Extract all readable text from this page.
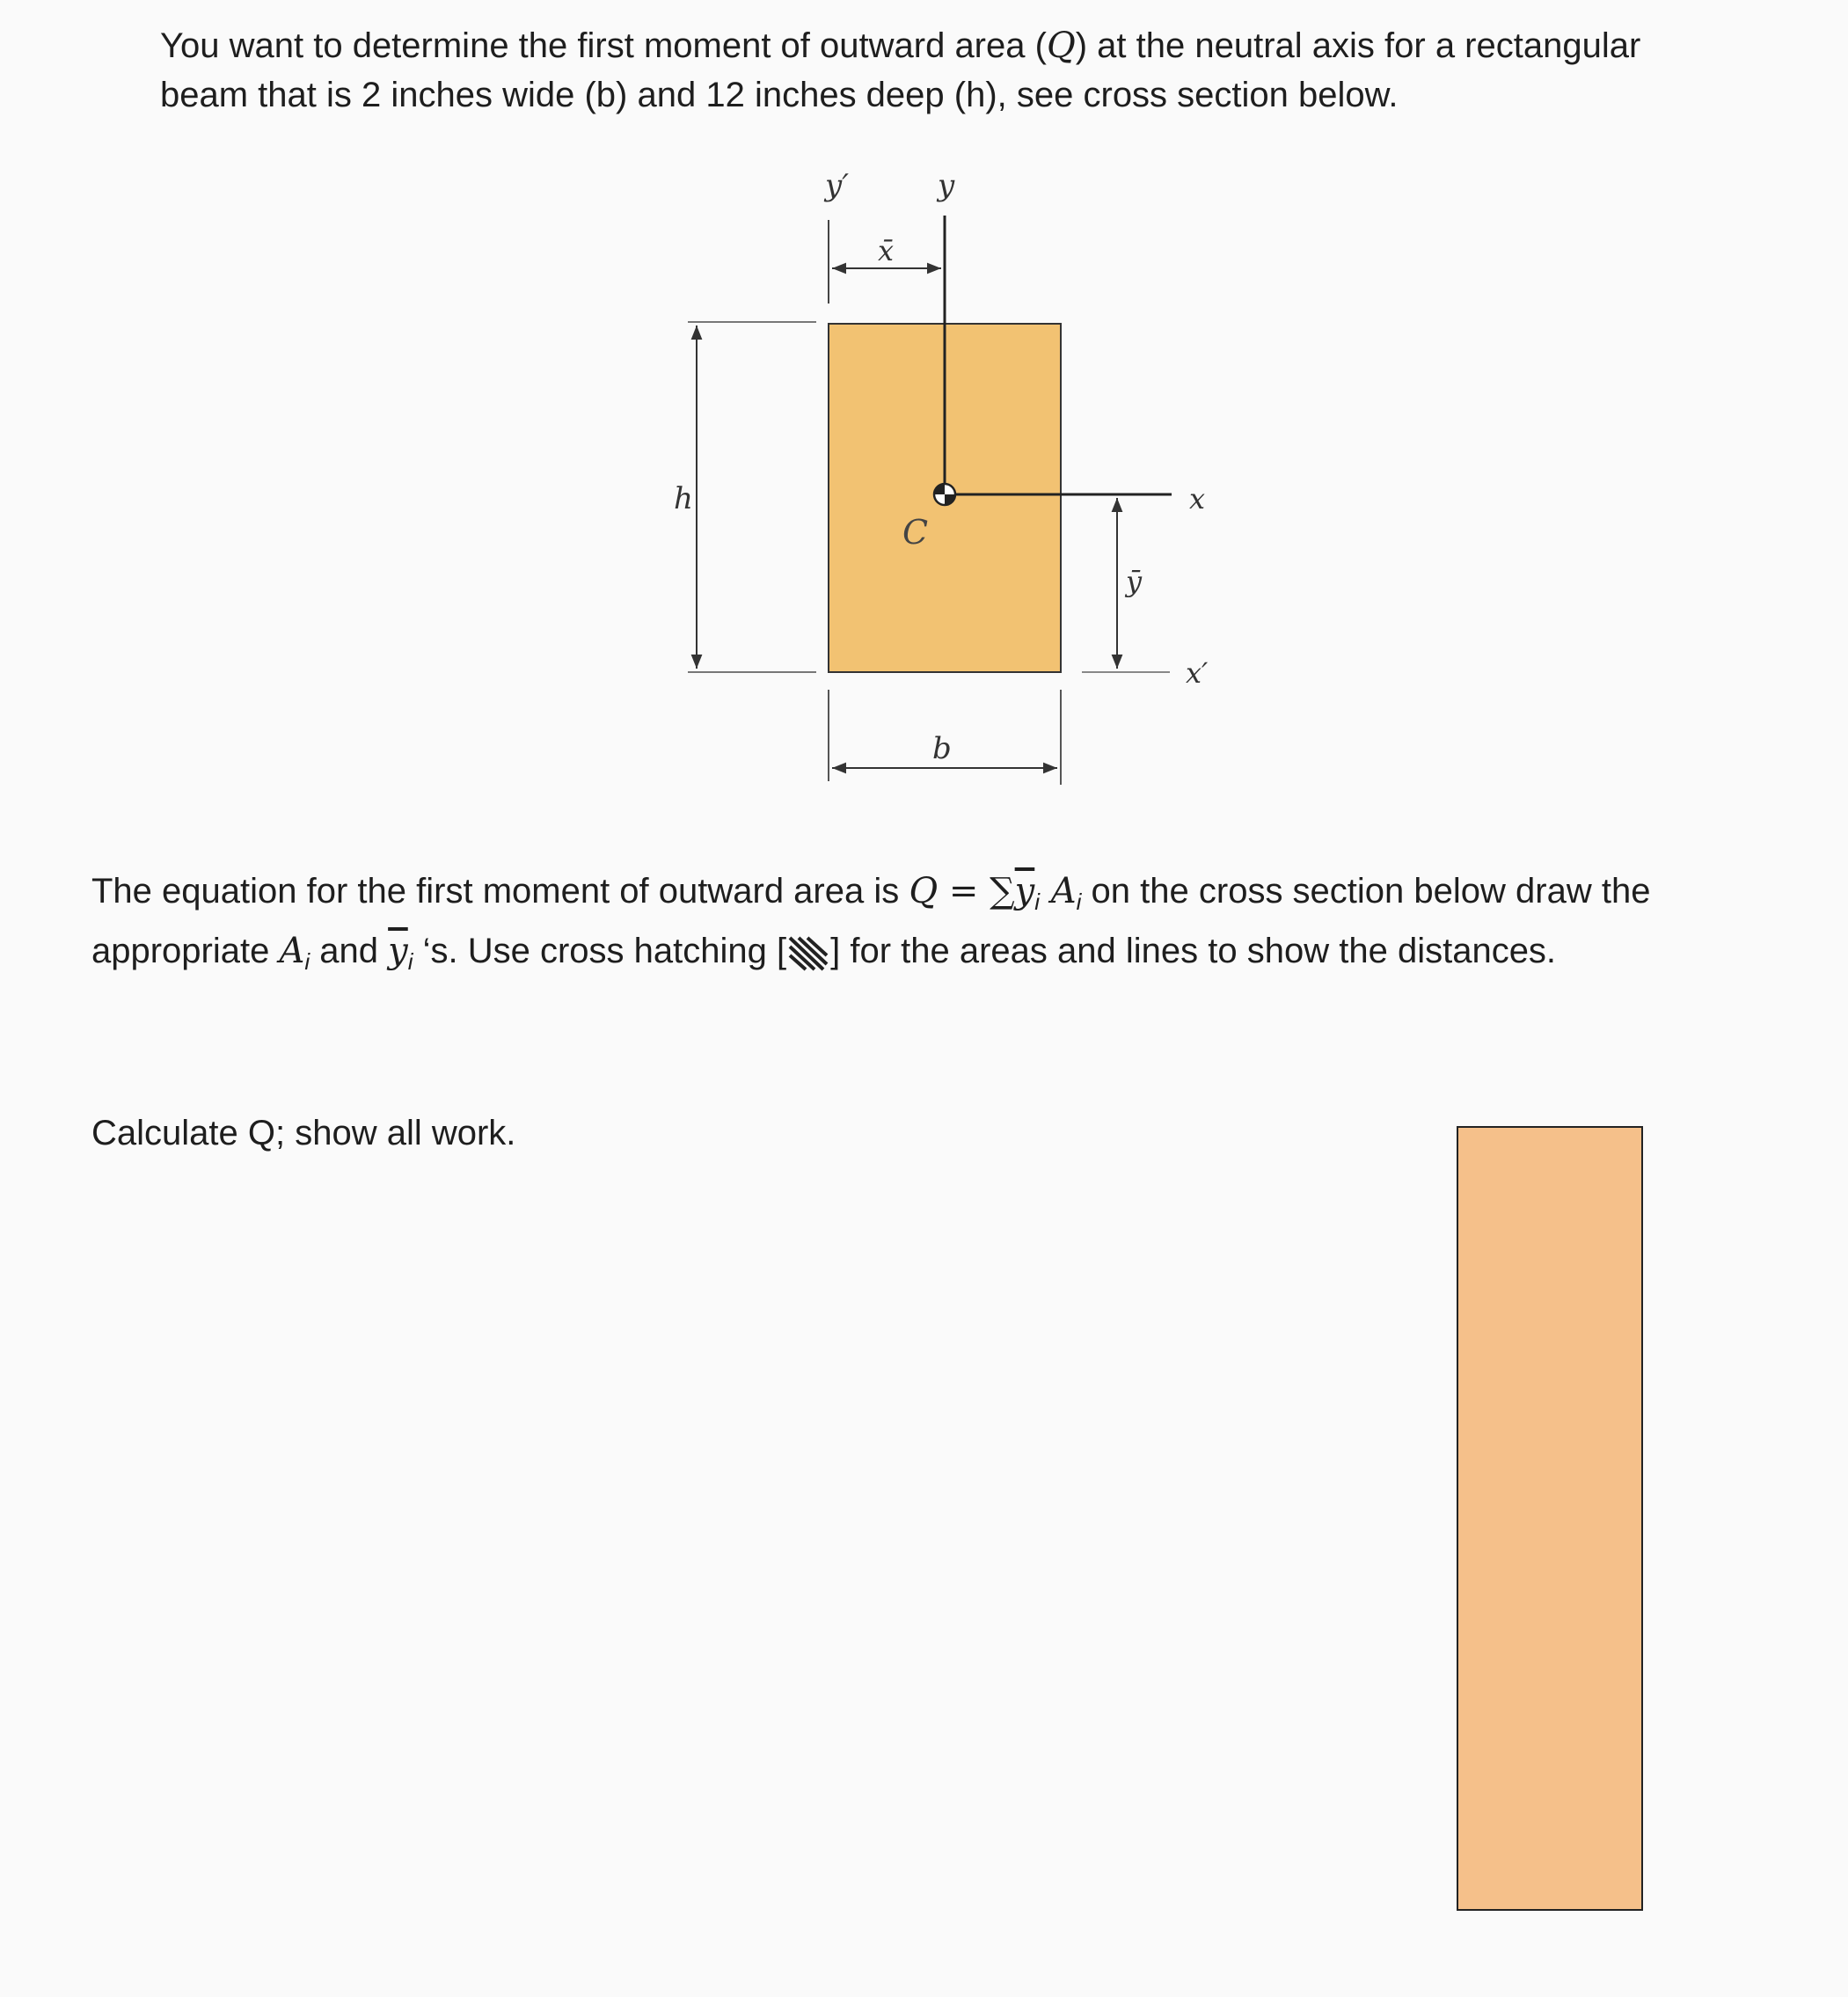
You want to determine the first moment of outward area (Q) at the neutral axis for a rectangular
beam that is 2 inches wide (b) and 12 inches deep (h), see cross section below.

y′	y
x̄
h
C
x
ȳ
x′
b

The equation for the first moment of outward area is $Q = \sum\overline{y}_i$ $A_i$ on the cross section below draw the
appropriate $A_i$ and $\overline{y}_i$ ‘s. Use cross hatching [ ] for the areas and lines to show the distances.

Calculate Q; show all work.
